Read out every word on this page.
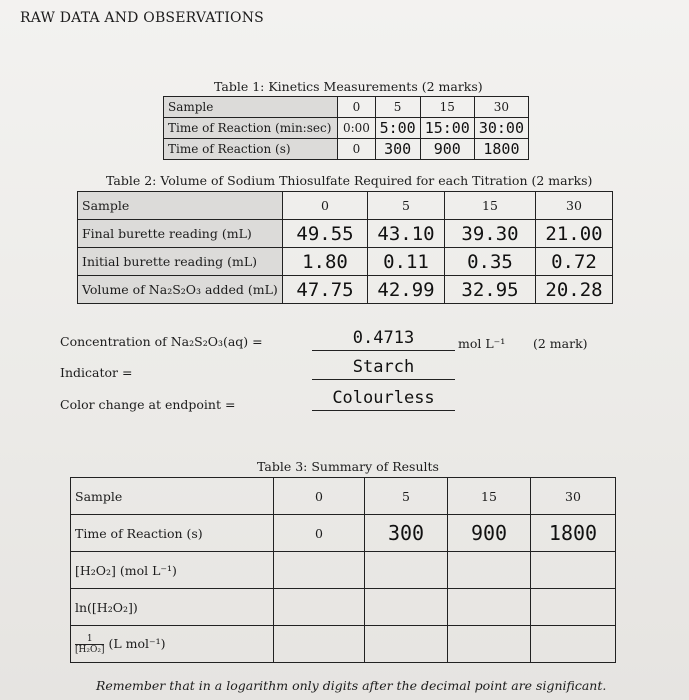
RAW DATA AND OBSERVATIONS
Table 1: Kinetics Measurements (2 marks)
Sample	0	5	15	30
Time of Reaction (min:sec)	0:00	5:00	15:00	30:00
Time of Reaction (s)	0	300	900	1800
Table 2: Volume of Sodium Thiosulfate Required for each Titration (2 marks)
Sample	0	5	15	30
Final burette reading (mL)	49.55	43.10	39.30	21.00
Initial burette reading (mL)	1.80	0.11	0.35	0.72
Volume of Na₂S₂O₃ added (mL)	47.75	42.99	32.95	20.28
Concentration of Na₂S₂O₃(aq) =	0.4713	mol L⁻¹ (2 mark)
Indicator =	Starch
Color change at endpoint =	Colourless
Table 3: Summary of Results
Sample	0	5	15	30
Time of Reaction (s)	0	300	900	1800
[H₂O₂] (mol L⁻¹)				
ln([H₂O₂])				

$\frac{1}{\text{[H₂O₂]}} (L$ mol⁻¹)				
Remember that in a logarithm only digits after the decimal point are significant.
